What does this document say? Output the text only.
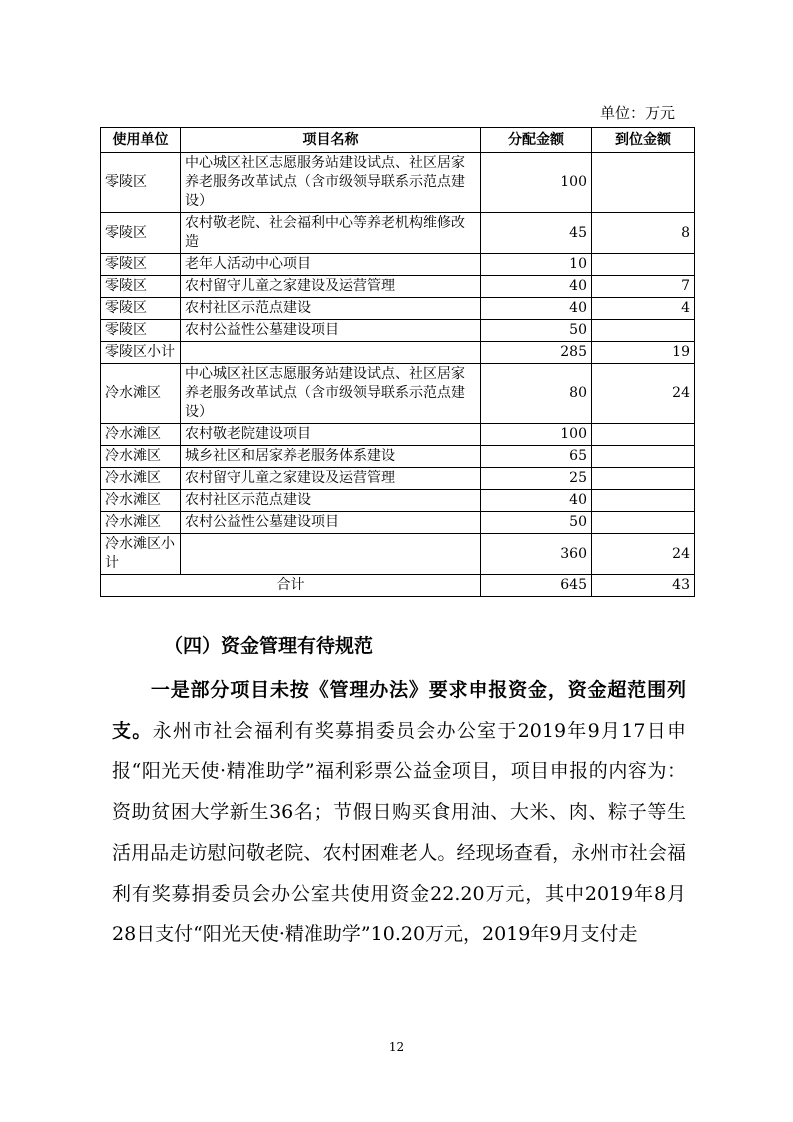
单位：万元
使用单位	项目名称	分配金额	到位金额
零陵区	中心城区社区志愿服务站建设试点、社区居家养老服务改革试点（含市级领导联系示范点建设）	100	
零陵区	农村敬老院、社会福利中心等养老机构维修改造	45	8
零陵区	老年人活动中心项目	10	
零陵区	农村留守儿童之家建设及运营管理	40	7
零陵区	农村社区示范点建设	40	4
零陵区	农村公益性公墓建设项目	50	
零陵区小计		285	19
冷水滩区	中心城区社区志愿服务站建设试点、社区居家养老服务改革试点（含市级领导联系示范点建设）	80	24
冷水滩区	农村敬老院建设项目	100	
冷水滩区	城乡社区和居家养老服务体系建设	65	
冷水滩区	农村留守儿童之家建设及运营管理	25	
冷水滩区	农村社区示范点建设	40	
冷水滩区	农村公益性公墓建设项目	50	
冷水滩区小计		360	24
合计		645	43
（四）资金管理有待规范
一是部分项目未按《管理办法》要求申报资金，资金超范围列支。永州市社会福利有奖募捐委员会办公室于2019年9月17日申报“阳光天使·精准助学”福利彩票公益金项目，项目申报的内容为：资助贫困大学新生36名；节假日购买食用油、大米、肉、粽子等生活用品走访慰问敬老院、农村困难老人。经现场查看，永州市社会福利有奖募捐委员会办公室共使用资金22.20万元，其中2019年8月28日支付“阳光天使·精准助学”10.20万元，2019年9月支付走
12
